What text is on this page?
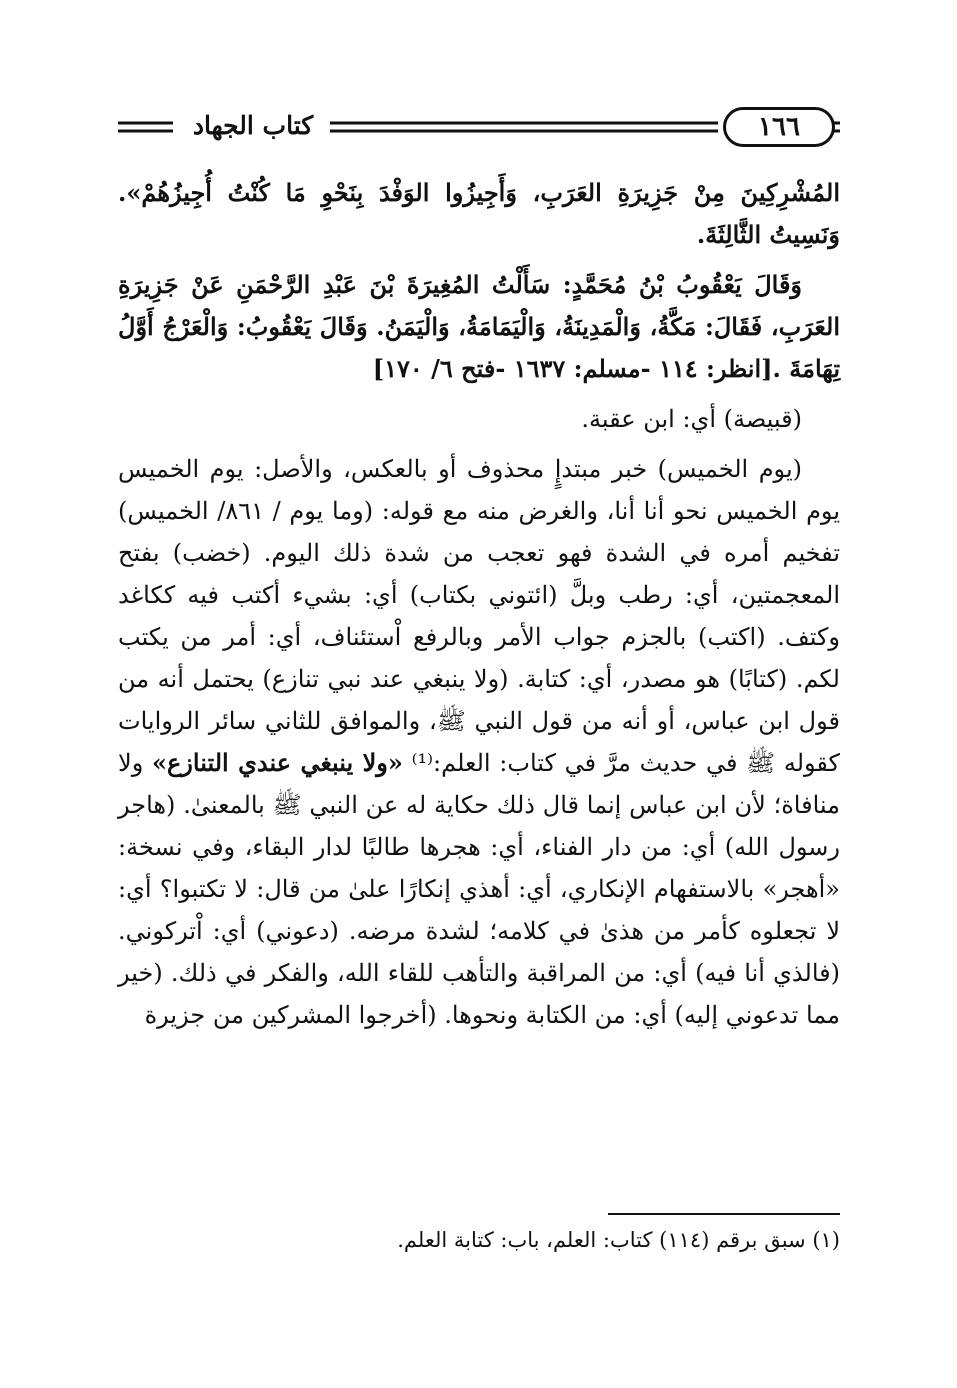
كتاب الجهاد	١٦٦

المُشْرِكِينَ مِنْ جَزِيرَةِ العَرَبِ، وَأَجِيزُوا الوَفْدَ بِنَحْوِ مَا كُنْتُ أُجِيزُهُمْ». وَنَسِيتُ الثَّالِثَةَ.

وَقَالَ يَعْقُوبُ بْنُ مُحَمَّدٍ: سَأَلْتُ المُغِيرَةَ بْنَ عَبْدِ الرَّحْمَنِ عَنْ جَزِيرَةِ العَرَبِ، فَقَالَ: مَكَّةُ، وَالْمَدِينَةُ، وَالْيَمَامَةُ، وَالْيَمَنُ. وَقَالَ يَعْقُوبُ: وَالْعَرْجُ أَوَّلُ تِهَامَةَ .[انظر: ١١٤ -مسلم: ١٦٣٧ -فتح ٦/ ١٧٠]

(قبيصة) أي: ابن عقبة.

(يوم الخميس) خبر مبتدإٍ محذوف أو بالعكس، والأصل: يوم الخميس يوم الخميس نحو أنا أنا، والغرض منه مع قوله: (وما يوم / ٨٦١/ الخميس) تفخيم أمره في الشدة فهو تعجب من شدة ذلك اليوم. (خضب) بفتح المعجمتين، أي: رطب وبلَّ (ائتوني بكتاب) أي: بشيء أكتب فيه ككاغد وكتف. (اكتب) بالجزم جواب الأمر وبالرفع اْستئناف، أي: أمر من يكتب لكم. (كتابًا) هو مصدر، أي: كتابة. (ولا ينبغي عند نبي تنازع) يحتمل أنه من قول ابن عباس، أو أنه من قول النبي ﷺ، والموافق للثاني سائر الروايات كقوله ﷺ في حديث مرَّ في كتاب: العلم:⁽¹⁾ «ولا ينبغي عندي التنازع» ولا منافاة؛ لأن ابن عباس إنما قال ذلك حكاية له عن النبي ﷺ بالمعنىٰ. (هاجر رسول الله) أي: من دار الفناء، أي: هجرها طالبًا لدار البقاء، وفي نسخة: «أهجر» بالاستفهام الإنكاري، أي: أهذي إنكارًا علىٰ من قال: لا تكتبوا؟ أي: لا تجعلوه كأمر من هذىٰ في كلامه؛ لشدة مرضه. (دعوني) أي: اْتركوني. (فالذي أنا فيه) أي: من المراقبة والتأهب للقاء الله، والفكر في ذلك. (خير مما تدعوني إليه) أي: من الكتابة ونحوها. (أخرجوا المشركين من جزيرة

(١) سبق برقم (١١٤) كتاب: العلم، باب: كتابة العلم.
